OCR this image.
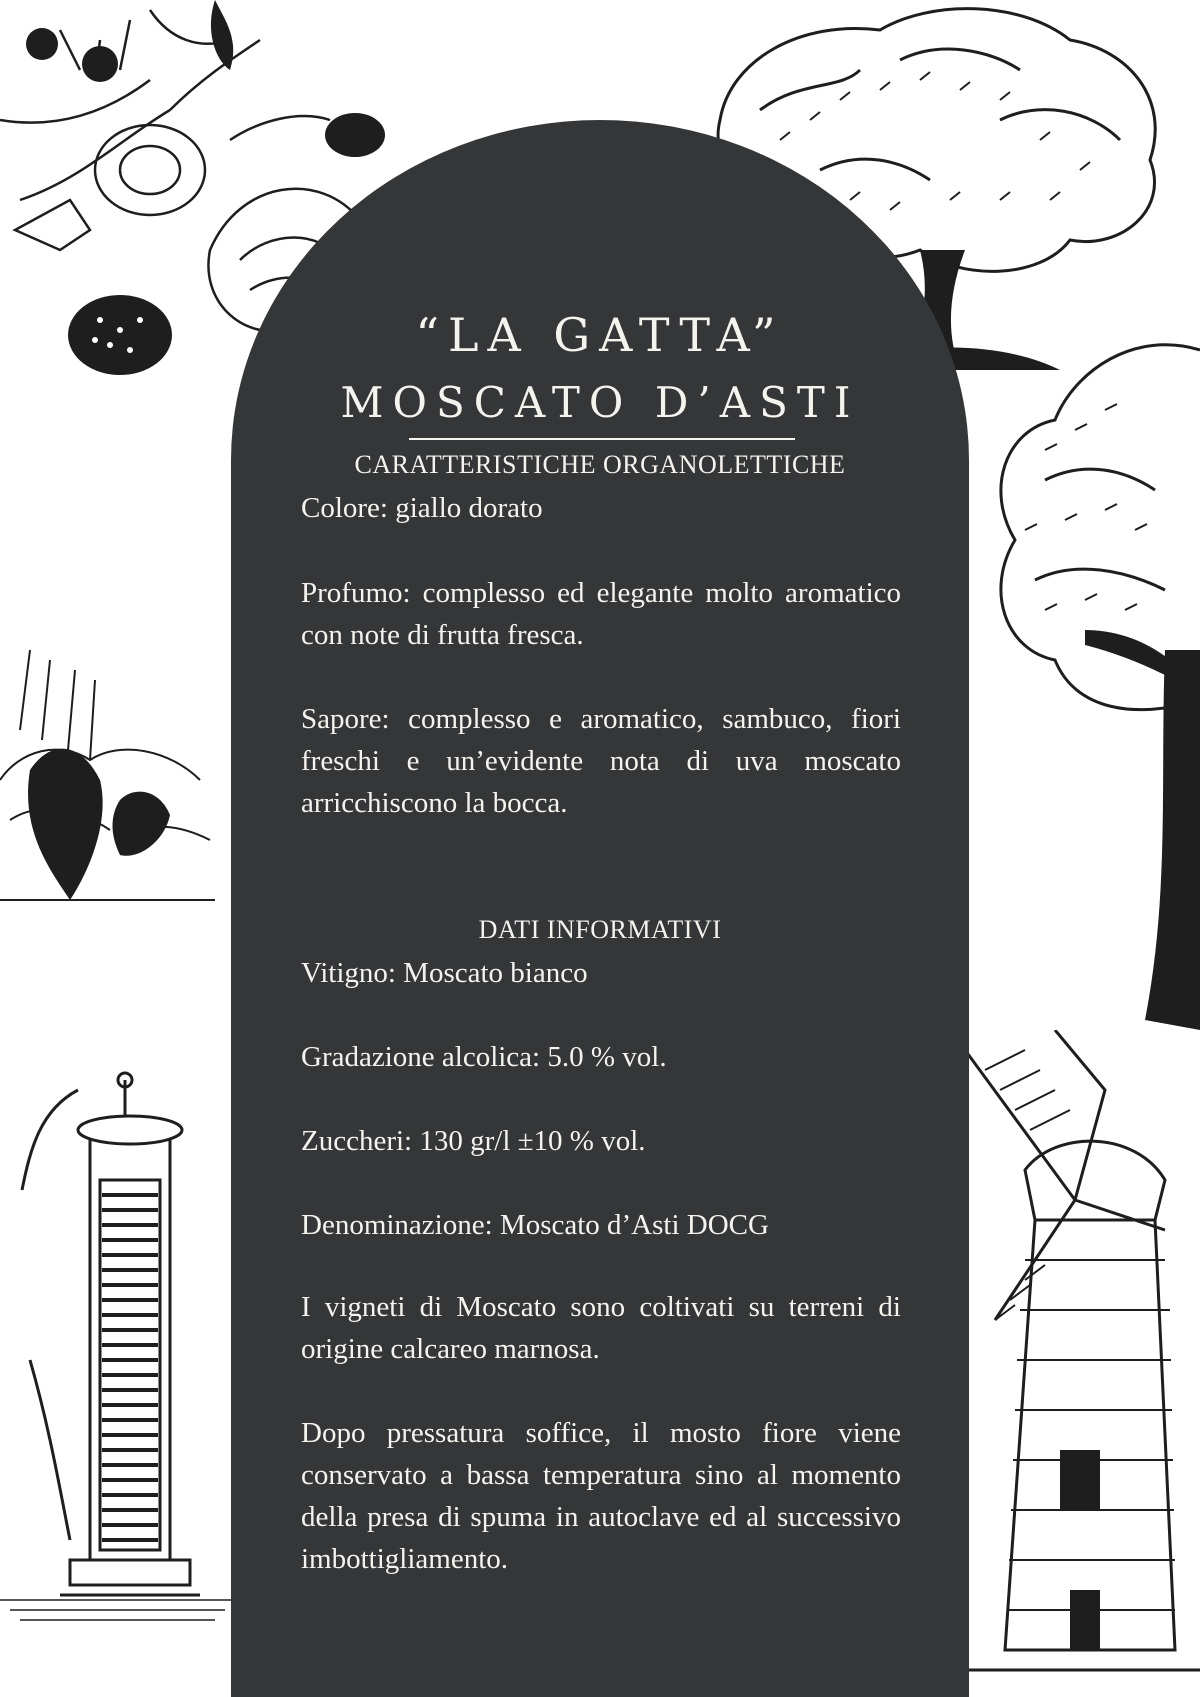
“LA GATTA”
MOSCATO D’ASTI
CARATTERISTICHE ORGANOLETTICHE

Colore: giallo dorato

Profumo: complesso ed elegante molto aromatico con note di frutta fresca.

Sapore: complesso e aromatico, sambuco, fiori freschi e un’evidente nota di uva moscato arricchiscono la bocca.

DATI INFORMATIVI

Vitigno: Moscato bianco

Gradazione alcolica: 5.0 % vol.

Zuccheri: 130 gr/l ±10 % vol.

Denominazione: Moscato d’Asti DOCG

I vigneti di Moscato sono coltivati su terreni di origine calcareo marnosa.

Dopo pressatura soffice, il mosto fiore viene conservato a bassa temperatura sino al momento della presa di spuma in autoclave ed al successivo imbottigliamento.
